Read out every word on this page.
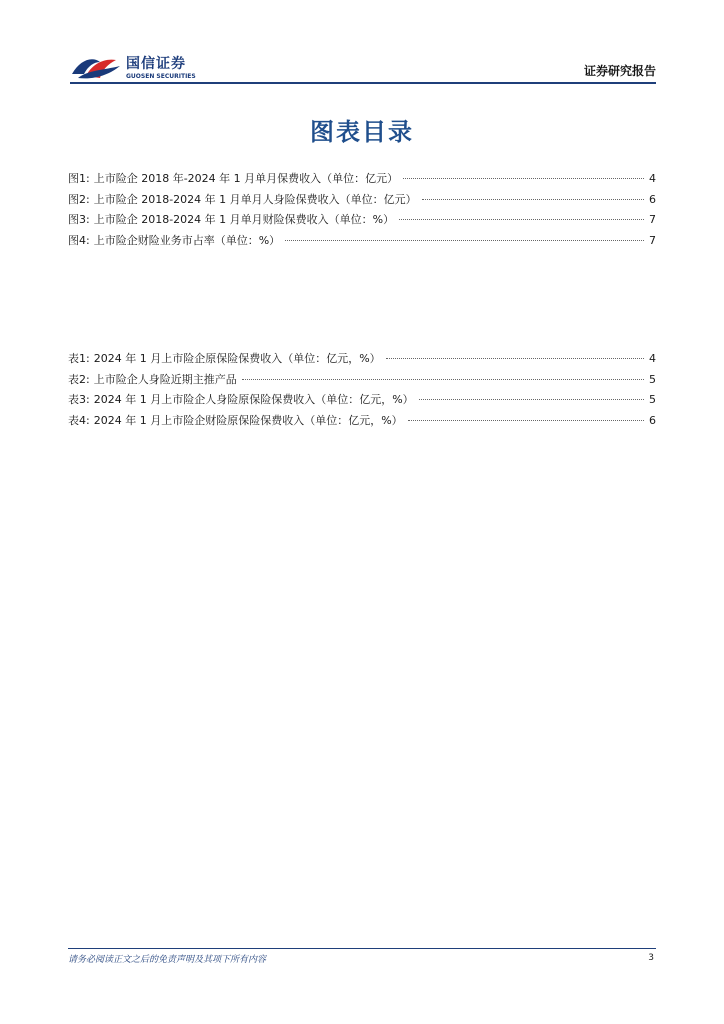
国信证券
GUOSEN SECURITIES	证券研究报告
图表目录
图1: 上市险企 2018 年-2024 年 1 月单月保费收入（单位：亿元）	4
图2: 上市险企 2018-2024 年 1 月单月人身险保费收入（单位：亿元）	6
图3: 上市险企 2018-2024 年 1 月单月财险保费收入（单位：%）	7
图4: 上市险企财险业务市占率（单位：%）	7
表1: 2024 年 1 月上市险企原保险保费收入（单位：亿元，%）	4
表2: 上市险企人身险近期主推产品	5
表3: 2024 年 1 月上市险企人身险原保险保费收入（单位：亿元，%）	5
表4: 2024 年 1 月上市险企财险原保险保费收入（单位：亿元，%）	6
请务必阅读正文之后的免责声明及其项下所有内容	3
